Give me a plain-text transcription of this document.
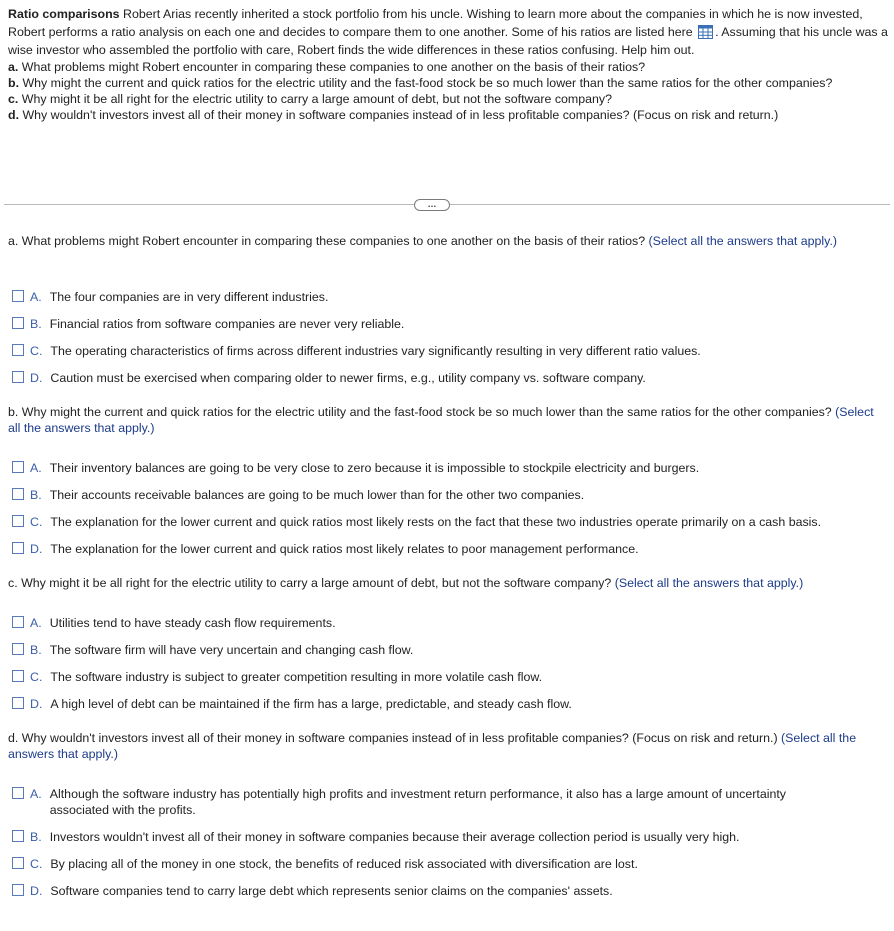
Ratio comparisons Robert Arias recently inherited a stock portfolio from his uncle. Wishing to learn more about the companies in which he is now invested, Robert performs a ratio analysis on each one and decides to compare them to one another. Some of his ratios are listed here . Assuming that his uncle was a wise investor who assembled the portfolio with care, Robert finds the wide differences in these ratios confusing. Help him out.

a. What problems might Robert encounter in comparing these companies to one another on the basis of their ratios?
b. Why might the current and quick ratios for the electric utility and the fast-food stock be so much lower than the same ratios for the other companies?
c. Why might it be all right for the electric utility to carry a large amount of debt, but not the software company?
d. Why wouldn't investors invest all of their money in software companies instead of in less profitable companies? (Focus on risk and return.)
…
a. What problems might Robert encounter in comparing these companies to one another on the basis of their ratios? (Select all the answers that apply.)
A. The four companies are in very different industries.
B. Financial ratios from software companies are never very reliable.
C. The operating characteristics of firms across different industries vary significantly resulting in very different ratio values.
D. Caution must be exercised when comparing older to newer firms, e.g., utility company vs. software company.
b. Why might the current and quick ratios for the electric utility and the fast-food stock be so much lower than the same ratios for the other companies? (Select all the answers that apply.)
A. Their inventory balances are going to be very close to zero because it is impossible to stockpile electricity and burgers.
B. Their accounts receivable balances are going to be much lower than for the other two companies.
C. The explanation for the lower current and quick ratios most likely rests on the fact that these two industries operate primarily on a cash basis.
D. The explanation for the lower current and quick ratios most likely relates to poor management performance.
c. Why might it be all right for the electric utility to carry a large amount of debt, but not the software company? (Select all the answers that apply.)
A. Utilities tend to have steady cash flow requirements.
B. The software firm will have very uncertain and changing cash flow.
C. The software industry is subject to greater competition resulting in more volatile cash flow.
D. A high level of debt can be maintained if the firm has a large, predictable, and steady cash flow.
d. Why wouldn't investors invest all of their money in software companies instead of in less profitable companies? (Focus on risk and return.) (Select all the answers that apply.)
A. Although the software industry has potentially high profits and investment return performance, it also has a large amount of uncertainty associated with the profits.
B. Investors wouldn't invest all of their money in software companies because their average collection period is usually very high.
C. By placing all of the money in one stock, the benefits of reduced risk associated with diversification are lost.
D. Software companies tend to carry large debt which represents senior claims on the companies' assets.
